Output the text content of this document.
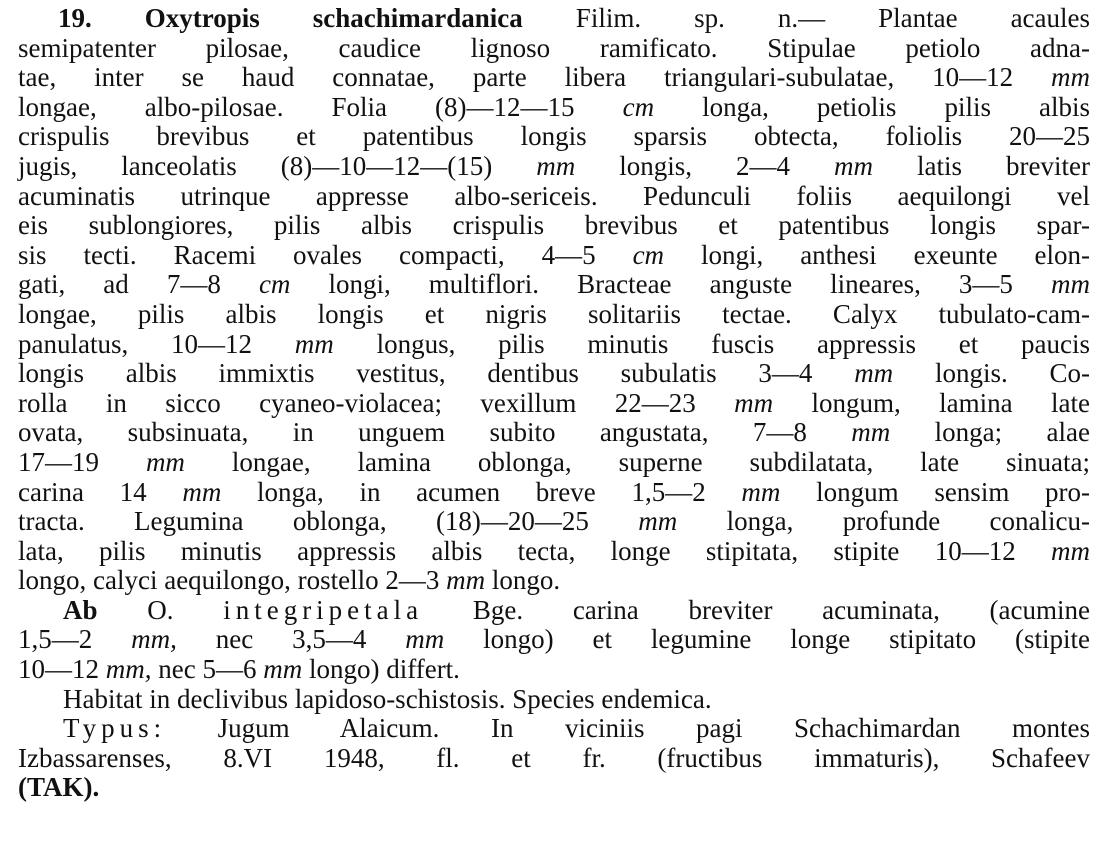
19. Oxytropis schachimardanica Filim. sp. n.— Plantae acaules
semipatenter pilosae, caudice lignoso ramificato. Stipulae petiolo adna-
tae, inter se haud connatae, parte libera triangulari-subulatae, 10—12 mm
longae, albo-pilosae. Folia (8)—12—15 cm longa, petiolis pilis albis
crispulis brevibus et patentibus longis sparsis obtecta, foliolis 20—25
jugis, lanceolatis (8)—10—12—(15) mm longis, 2—4 mm latis breviter
acuminatis utrinque appresse albo-sericeis. Pedunculi foliis aequilongi vel
eis sublongiores, pilis albis crispulis brevibus et patentibus longis spar-
sis tecti. Racemi ovales compacti, 4—5 cm longi, anthesi exeunte elon-
gati, ad 7—8 cm longi, multiflori. Bracteae anguste lineares, 3—5 mm
longae, pilis albis longis et nigris solitariis tectae. Calyx tubulato-cam-
panulatus, 10—12 mm longus, pilis minutis fuscis appressis et paucis
longis albis immixtis vestitus, dentibus subulatis 3—4 mm longis. Co-
rolla in sicco cyaneo-violacea; vexillum 22—23 mm longum, lamina late
ovata, subsinuata, in unguem subito angustata, 7—8 mm longa; alae
17—19 mm longae, lamina oblonga, superne subdilatata, late sinuata;
carina 14 mm longa, in acumen breve 1,5—2 mm longum sensim pro-
tracta. Legumina oblonga, (18)—20—25 mm longa, profunde conalicu-
lata, pilis minutis appressis albis tecta, longe stipitata, stipite 10—12 mm
longo, calyci aequilongo, rostello 2—3 mm longo.
Ab O. integripetala Bge. carina breviter acuminata, (acumine
1,5—2 mm, nec 3,5—4 mm longo) et legumine longe stipitato (stipite
10—12 mm, nec 5—6 mm longo) differt.
Habitat in declivibus lapidoso-schistosis. Species endemica.
Typus: Jugum Alaicum. In viciniis pagi Schachimardan montes
Izbassarenses, 8.VI 1948, fl. et fr. (fructibus immaturis), Schafeev
(TAK).
